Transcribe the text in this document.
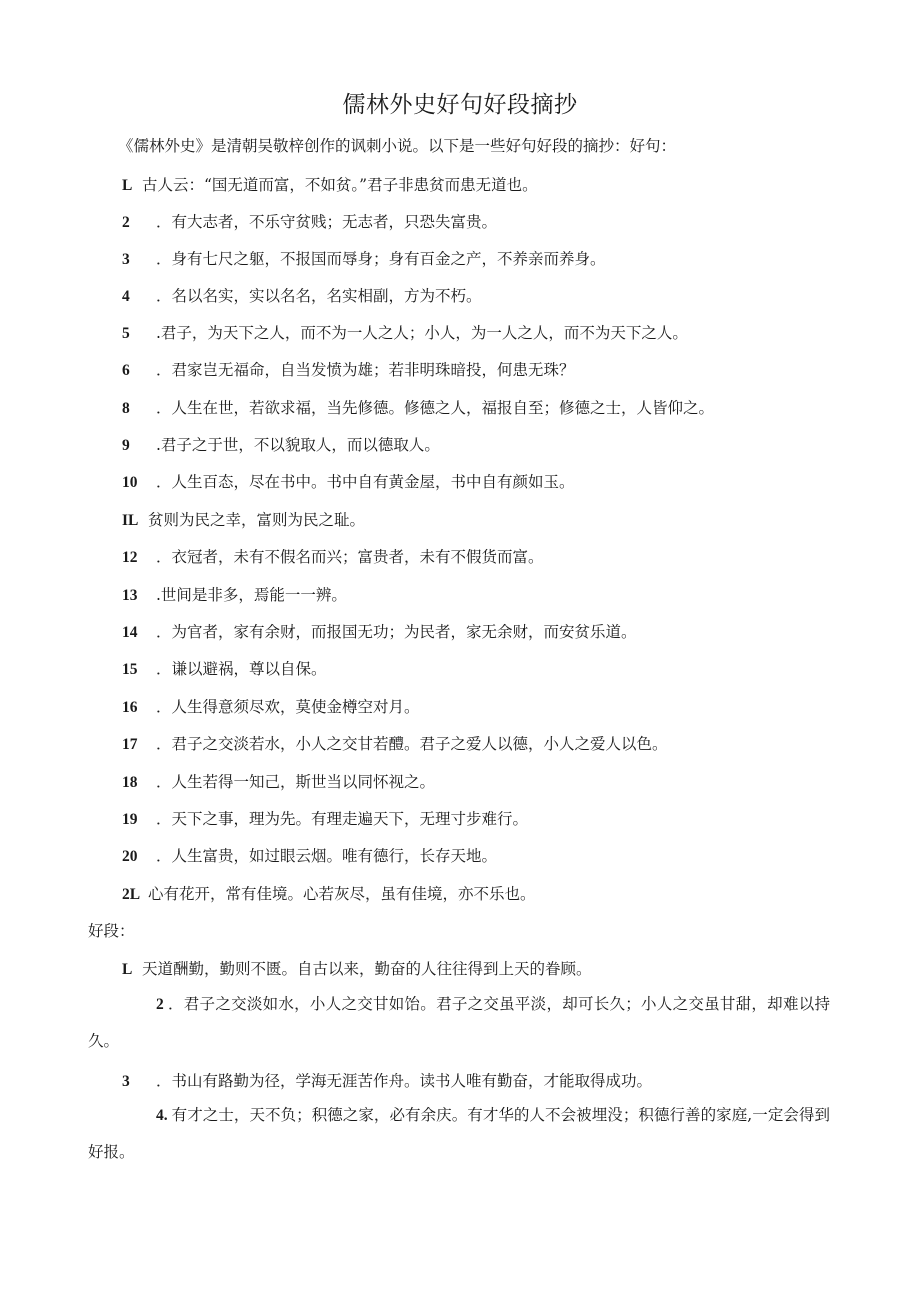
儒林外史好句好段摘抄
《儒林外史》是清朝吴敬梓创作的讽刺小说。以下是一些好句好段的摘抄：好句：
L 古人云：“国无道而富，不如贫。”君子非患贫而患无道也。
2 ．有大志者，不乐守贫贱；无志者，只恐失富贵。
3 ．身有七尺之躯，不报国而辱身；身有百金之产，不养亲而养身。
4 ．名以名实，实以名名，名实相副，方为不朽。
5 .君子，为天下之人，而不为一人之人；小人，为一人之人，而不为天下之人。
6 ．君家岂无福命，自当发愤为雄；若非明珠暗投，何患无珠？
8 ．人生在世，若欲求福，当先修德。修德之人，福报自至；修德之士，人皆仰之。
9 .君子之于世，不以貌取人，而以德取人。
10 ．人生百态，尽在书中。书中自有黄金屋，书中自有颜如玉。
IL 贫则为民之幸，富则为民之耻。
12 ．衣冠者，未有不假名而兴；富贵者，未有不假货而富。
13 .世间是非多，焉能一一辨。
14 ．为官者，家有余财，而报国无功；为民者，家无余财，而安贫乐道。
15 ．谦以避祸，尊以自保。
16 ．人生得意须尽欢，莫使金樽空对月。
17 ．君子之交淡若水，小人之交甘若醴。君子之爱人以德，小人之爱人以色。
18 ．人生若得一知己，斯世当以同怀视之。
19 ．天下之事，理为先。有理走遍天下，无理寸步难行。
20 ．人生富贵，如过眼云烟。唯有德行，长存天地。
2L 心有花开，常有佳境。心若灰尽，虽有佳境，亦不乐也。
好段：
L 天道酬勤，勤则不匮。自古以来，勤奋的人往往得到上天的眷顾。
2 ．君子之交淡如水，小人之交甘如饴。君子之交虽平淡，却可长久；小人之交虽甘甜，却难以持久。
3 ．书山有路勤为径，学海无涯苦作舟。读书人唯有勤奋，才能取得成功。
4. 有才之士，天不负；积德之家，必有余庆。有才华的人不会被埋没；积德行善的家庭,一定会得到好报。
